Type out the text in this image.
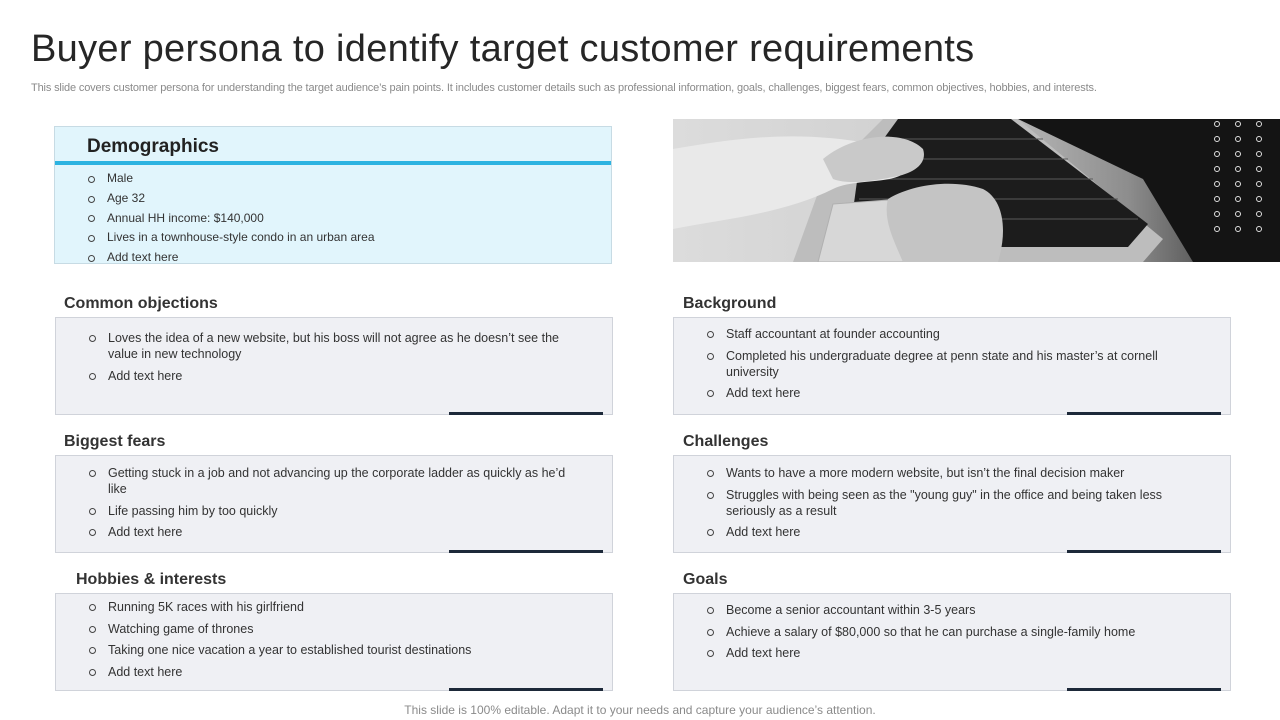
Buyer persona to identify target customer requirements
This slide covers customer persona for understanding the target audience’s pain points. It includes customer details such as professional information, goals, challenges, biggest fears, common objectives, hobbies, and interests.
Demographics
Male
Age 32
Annual HH income: $140,000
Lives in a townhouse-style condo in an urban area
Add text here
Common objections
Loves the idea of a new website, but his boss will not agree as he doesn’t see the value in new technology
Add text here
Background
Staff accountant at founder accounting
Completed his undergraduate degree at penn state and his master’s at cornell university
Add text here
Biggest fears
Getting stuck in a job and not advancing up the corporate ladder as quickly as he’d like
Life passing him by too quickly
Add text here
Challenges
Wants to have a more modern website, but isn’t the final decision maker
Struggles with being seen as the "young guy" in the office and being taken less seriously as a result
Add text here
Hobbies & interests
Running 5K races with his girlfriend
Watching game of thrones
Taking one nice vacation a year to established tourist destinations
Add text here
Goals
Become a senior accountant within 3-5 years
Achieve a salary of $80,000 so that he can purchase a single-family home
Add text here
This slide is 100% editable. Adapt it to your needs and capture your audience’s attention.
